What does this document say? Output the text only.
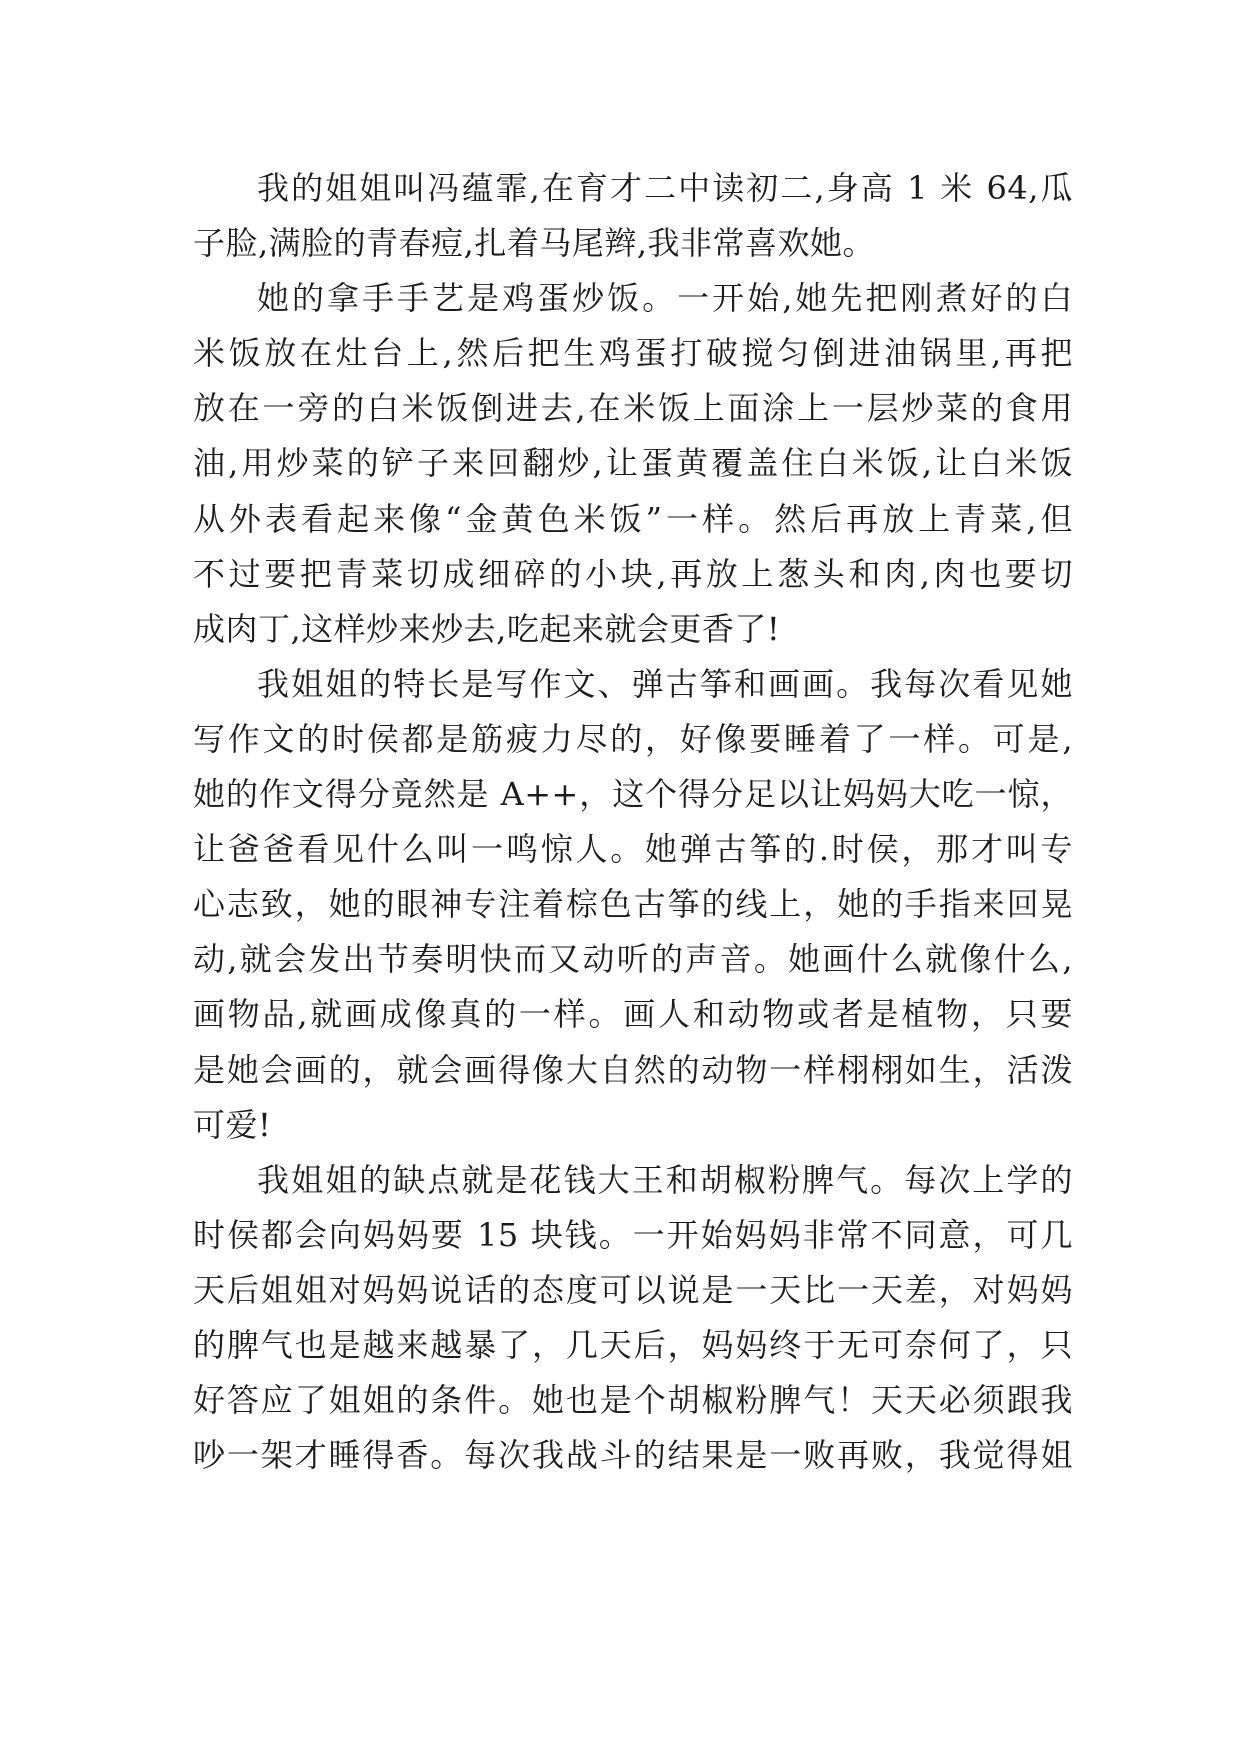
我的姐姐叫冯蕴霏,在育才二中读初二,身高 1 米 64,瓜
子脸,满脸的青春痘,扎着马尾辫,我非常喜欢她。
她的拿手手艺是鸡蛋炒饭。一开始,她先把刚煮好的白
米饭放在灶台上,然后把生鸡蛋打破搅匀倒进油锅里,再把
放在一旁的白米饭倒进去,在米饭上面涂上一层炒菜的食用
油,用炒菜的铲子来回翻炒,让蛋黄覆盖住白米饭,让白米饭
从外表看起来像“金黄色米饭”一样。然后再放上青菜,但
不过要把青菜切成细碎的小块,再放上葱头和肉,肉也要切
成肉丁,这样炒来炒去,吃起来就会更香了!
我姐姐的特长是写作文、弹古筝和画画。我每次看见她
写作文的时侯都是筋疲力尽的，好像要睡着了一样。可是,
她的作文得分竟然是 A++，这个得分足以让妈妈大吃一惊，
让爸爸看见什么叫一鸣惊人。她弹古筝的.时侯，那才叫专
心志致，她的眼神专注着棕色古筝的线上，她的手指来回晃
动,就会发出节奏明快而又动听的声音。她画什么就像什么,
画物品,就画成像真的一样。画人和动物或者是植物，只要
是她会画的，就会画得像大自然的动物一样栩栩如生，活泼
可爱!
我姐姐的缺点就是花钱大王和胡椒粉脾气。每次上学的
时侯都会向妈妈要 15 块钱。一开始妈妈非常不同意，可几
天后姐姐对妈妈说话的态度可以说是一天比一天差，对妈妈
的脾气也是越来越暴了，几天后，妈妈终于无可奈何了，只
好答应了姐姐的条件。她也是个胡椒粉脾气！天天必须跟我
吵一架才睡得香。每次我战斗的结果是一败再败，我觉得姐
